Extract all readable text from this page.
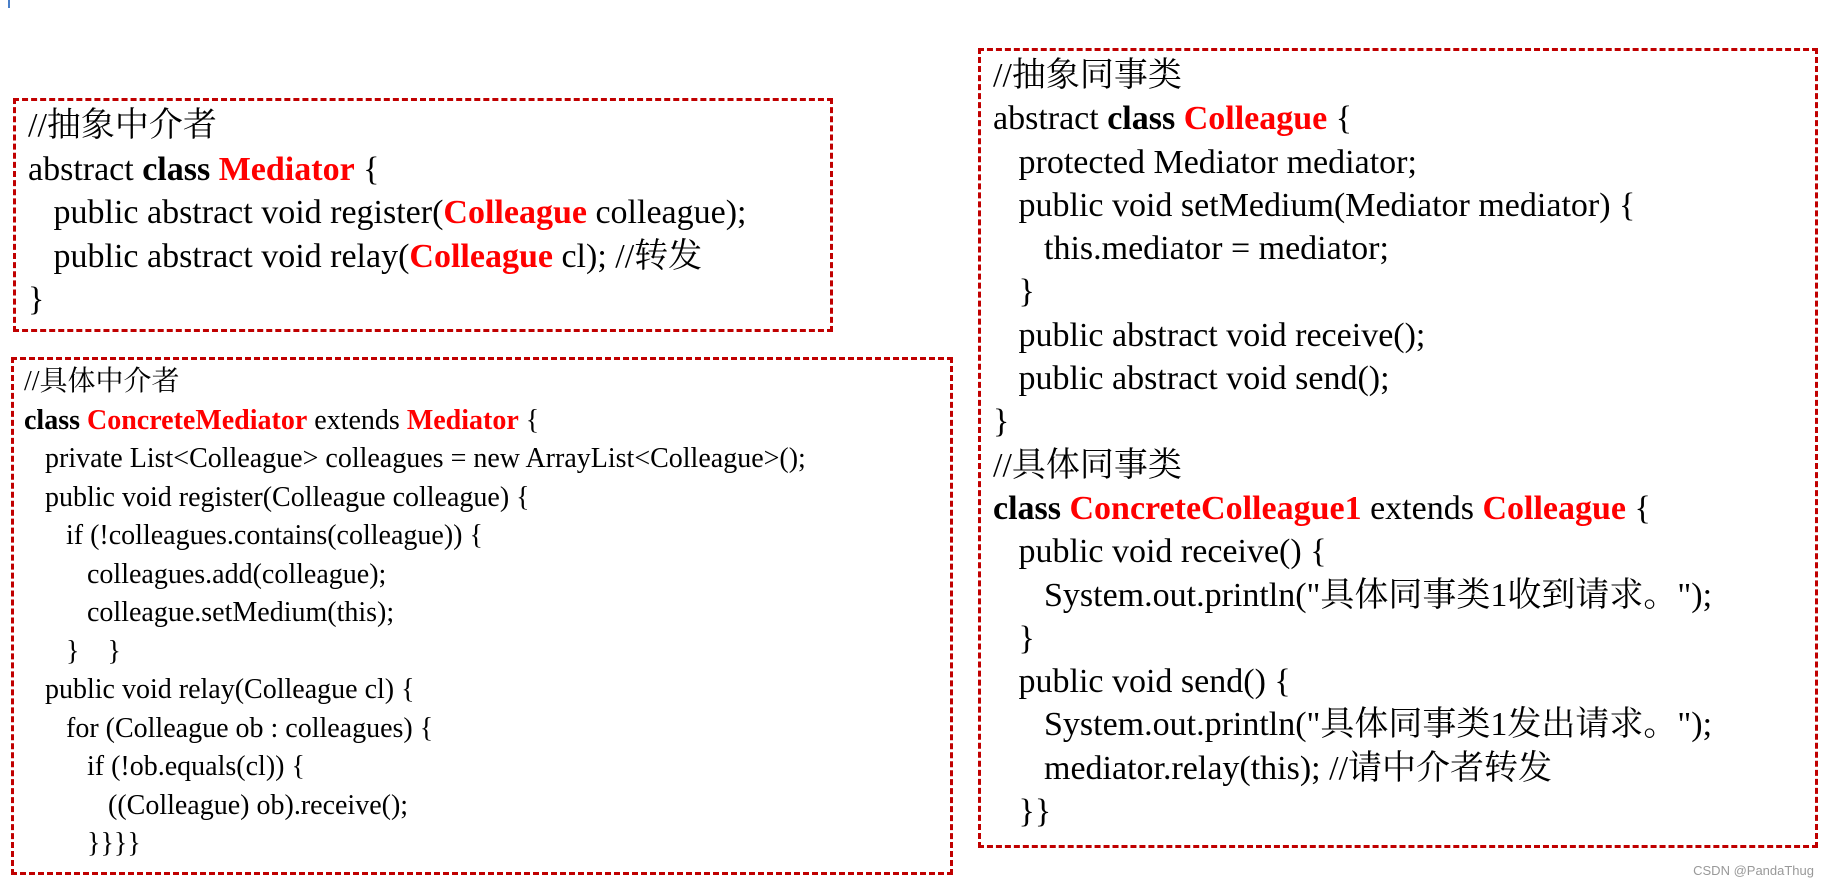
//抽象中介者
abstract class Mediator {
public abstract void register(Colleague colleague);
public abstract void relay(Colleague cl); //转发
}
//具体中介者
class ConcreteMediator extends Mediator {
private List<Colleague> colleagues = new ArrayList<Colleague>();
public void register(Colleague colleague) {
if (!colleagues.contains(colleague)) {
colleagues.add(colleague);
colleague.setMedium(this);
}    }
public void relay(Colleague cl) {
for (Colleague ob : colleagues) {
if (!ob.equals(cl)) {
((Colleague) ob).receive();
}}}}
//抽象同事类
abstract class Colleague {
protected Mediator mediator;
public void setMedium(Mediator mediator) {
this.mediator = mediator;
}
public abstract void receive();
public abstract void send();
}
//具体同事类
class ConcreteColleague1 extends Colleague {
public void receive() {
System.out.println("具体同事类1收到请求。");
}
public void send() {
System.out.println("具体同事类1发出请求。");
mediator.relay(this); //请中介者转发
}}
CSDN @PandaThug
